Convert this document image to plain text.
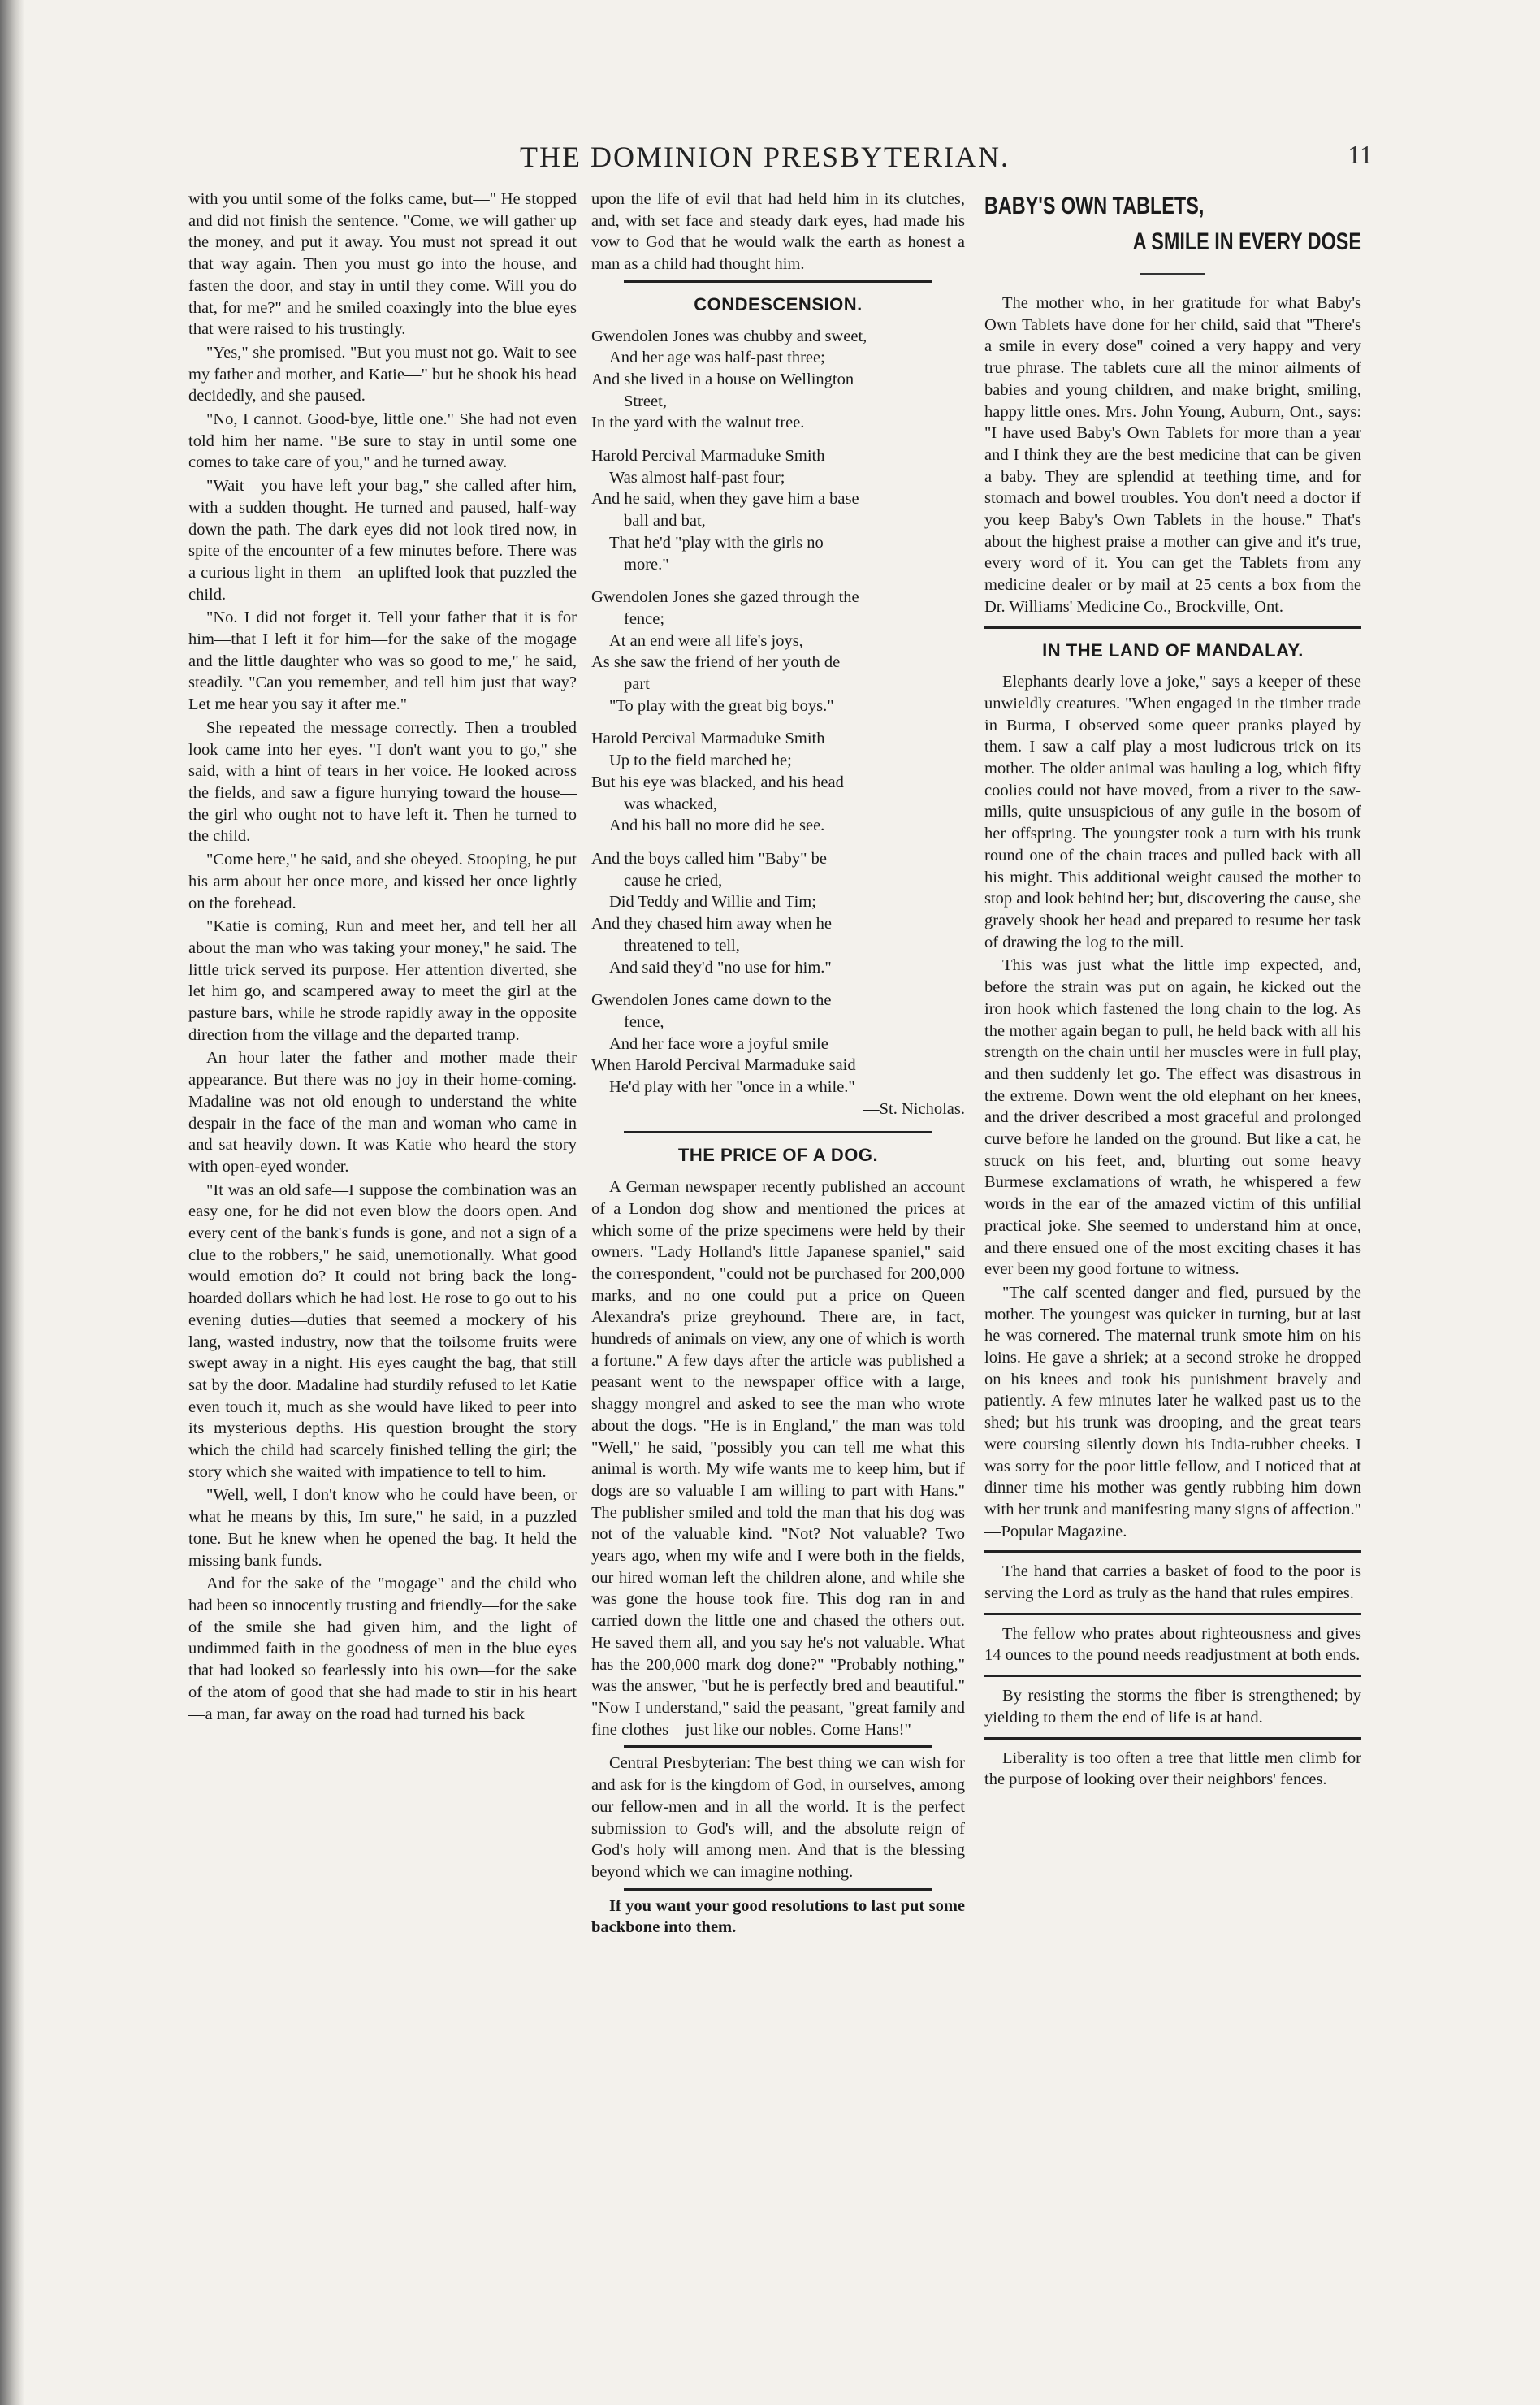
THE DOMINION PRESBYTERIAN.	11

with you until some of the folks came, but—" He stopped and did not finish the sentence. "Come, we will gather up the money, and put it away. You must not spread it out that way again. Then you must go into the house, and fasten the door, and stay in until they come. Will you do that, for me?" and he smiled coaxingly into the blue eyes that were raised to his trustingly.

"Yes," she promised. "But you must not go. Wait to see my father and mother, and Katie—" but he shook his head decidedly, and she paused.

"No, I cannot. Good-bye, little one." She had not even told him her name. "Be sure to stay in until some one comes to take care of you," and he turned away.

"Wait—you have left your bag," she called after him, with a sudden thought. He turned and paused, half-way down the path. The dark eyes did not look tired now, in spite of the encounter of a few minutes before. There was a curious light in them—an uplifted look that puzzled the child.

"No. I did not forget it. Tell your father that it is for him—that I left it for him—for the sake of the mogage and the little daughter who was so good to me," he said, steadily. "Can you remember, and tell him just that way? Let me hear you say it after me."

She repeated the message correctly. Then a troubled look came into her eyes. "I don't want you to go," she said, with a hint of tears in her voice. He looked across the fields, and saw a figure hurrying toward the house—the girl who ought not to have left it. Then he turned to the child.

"Come here," he said, and she obeyed. Stooping, he put his arm about her once more, and kissed her once lightly on the forehead.

"Katie is coming, Run and meet her, and tell her all about the man who was taking your money," he said. The little trick served its purpose. Her attention diverted, she let him go, and scampered away to meet the girl at the pasture bars, while he strode rapidly away in the opposite direction from the village and the departed tramp.

An hour later the father and mother made their appearance. But there was no joy in their home-coming. Madaline was not old enough to understand the white despair in the face of the man and woman who came in and sat heavily down. It was Katie who heard the story with open-eyed wonder.

"It was an old safe—I suppose the combination was an easy one, for he did not even blow the doors open. And every cent of the bank's funds is gone, and not a sign of a clue to the robbers," he said, unemotionally. What good would emotion do? It could not bring back the long-hoarded dollars which he had lost. He rose to go out to his evening duties—duties that seemed a mockery of his lang, wasted industry, now that the toilsome fruits were swept away in a night. His eyes caught the bag, that still sat by the door. Madaline had sturdily refused to let Katie even touch it, much as she would have liked to peer into its mysterious depths. His question brought the story which the child had scarcely finished telling the girl; the story which she waited with impatience to tell to him.

"Well, well, I don't know who he could have been, or what he means by this, Im sure," he said, in a puzzled tone. But he knew when he opened the bag. It held the missing bank funds.

And for the sake of the "mogage" and the child who had been so innocently trusting and friendly—for the sake of the smile she had given him, and the light of undimmed faith in the goodness of men in the blue eyes that had looked so fearlessly into his own—for the sake of the atom of good that she had made to stir in his heart—a man, far away on the road had turned his back

upon the life of evil that had held him in its clutches, and, with set face and steady dark eyes, had made his vow to God that he would walk the earth as honest a man as a child had thought him.

CONDESCENSION.
Gwendolen Jones was chubby and sweet,
And her age was half-past three;
And she lived in a house on Wellington
Street,
In the yard with the walnut tree.
Harold Percival Marmaduke Smith
Was almost half-past four;
And he said, when they gave him a base
ball and bat,
That he'd "play with the girls no
more."
Gwendolen Jones she gazed through the
fence;
At an end were all life's joys,
As she saw the friend of her youth de
part
"To play with the great big boys."
Harold Percival Marmaduke Smith
Up to the field marched he;
But his eye was blacked, and his head
was whacked,
And his ball no more did he see.
And the boys called him "Baby" be
cause he cried,
Did Teddy and Willie and Tim;
And they chased him away when he
threatened to tell,
And said they'd "no use for him."
Gwendolen Jones came down to the
fence,
And her face wore a joyful smile
When Harold Percival Marmaduke said
He'd play with her "once in a while."
—St. Nicholas.
THE PRICE OF A DOG.

A German newspaper recently published an account of a London dog show and mentioned the prices at which some of the prize specimens were held by their owners. "Lady Holland's little Japanese spaniel," said the correspondent, "could not be purchased for 200,000 marks, and no one could put a price on Queen Alexandra's prize greyhound. There are, in fact, hundreds of animals on view, any one of which is worth a fortune." A few days after the article was published a peasant went to the newspaper office with a large, shaggy mongrel and asked to see the man who wrote about the dogs. "He is in England," the man was told "Well," he said, "possibly you can tell me what this animal is worth. My wife wants me to keep him, but if dogs are so valuable I am willing to part with Hans." The publisher smiled and told the man that his dog was not of the valuable kind. "Not? Not valuable? Two years ago, when my wife and I were both in the fields, our hired woman left the children alone, and while she was gone the house took fire. This dog ran in and carried down the little one and chased the others out. He saved them all, and you say he's not valuable. What has the 200,000 mark dog done?" "Probably nothing," was the answer, "but he is perfectly bred and beautiful." "Now I understand," said the peasant, "great family and fine clothes—just like our nobles. Come Hans!"

Central Presbyterian: The best thing we can wish for and ask for is the kingdom of God, in ourselves, among our fellow-men and in all the world. It is the perfect submission to God's will, and the absolute reign of God's holy will among men. And that is the blessing beyond which we can imagine nothing.

If you want your good resolutions to last put some backbone into them.

BABY'S OWN TABLETS,
A SMILE IN EVERY DOSE

The mother who, in her gratitude for what Baby's Own Tablets have done for her child, said that "There's a smile in every dose" coined a very happy and very true phrase. The tablets cure all the minor ailments of babies and young children, and make bright, smiling, happy little ones. Mrs. John Young, Auburn, Ont., says: "I have used Baby's Own Tablets for more than a year and I think they are the best medicine that can be given a baby. They are splendid at teething time, and for stomach and bowel troubles. You don't need a doctor if you keep Baby's Own Tablets in the house." That's about the highest praise a mother can give and it's true, every word of it. You can get the Tablets from any medicine dealer or by mail at 25 cents a box from the Dr. Williams' Medicine Co., Brockville, Ont.

IN THE LAND OF MANDALAY.

Elephants dearly love a joke," says a keeper of these unwieldly creatures. "When engaged in the timber trade in Burma, I observed some queer pranks played by them. I saw a calf play a most ludicrous trick on its mother. The older animal was hauling a log, which fifty coolies could not have moved, from a river to the saw-mills, quite unsuspicious of any guile in the bosom of her offspring. The youngster took a turn with his trunk round one of the chain traces and pulled back with all his might. This additional weight caused the mother to stop and look behind her; but, discovering the cause, she gravely shook her head and prepared to resume her task of drawing the log to the mill.

This was just what the little imp expected, and, before the strain was put on again, he kicked out the iron hook which fastened the long chain to the log. As the mother again began to pull, he held back with all his strength on the chain until her muscles were in full play, and then suddenly let go. The effect was disastrous in the extreme. Down went the old elephant on her knees, and the driver described a most graceful and prolonged curve before he landed on the ground. But like a cat, he struck on his feet, and, blurting out some heavy Burmese exclamations of wrath, he whispered a few words in the ear of the amazed victim of this unfilial practical joke. She seemed to understand him at once, and there ensued one of the most exciting chases it has ever been my good fortune to witness.

"The calf scented danger and fled, pursued by the mother. The youngest was quicker in turning, but at last he was cornered. The maternal trunk smote him on his loins. He gave a shriek; at a second stroke he dropped on his knees and took his punishment bravely and patiently. A few minutes later he walked past us to the shed; but his trunk was drooping, and the great tears were coursing silently down his India-rubber cheeks. I was sorry for the poor little fellow, and I noticed that at dinner time his mother was gently rubbing him down with her trunk and manifesting many signs of affection." —Popular Magazine.

The hand that carries a basket of food to the poor is serving the Lord as truly as the hand that rules empires.

The fellow who prates about righteousness and gives 14 ounces to the pound needs readjustment at both ends.

By resisting the storms the fiber is strengthened; by yielding to them the end of life is at hand.

Liberality is too often a tree that little men climb for the purpose of looking over their neighbors' fences.
